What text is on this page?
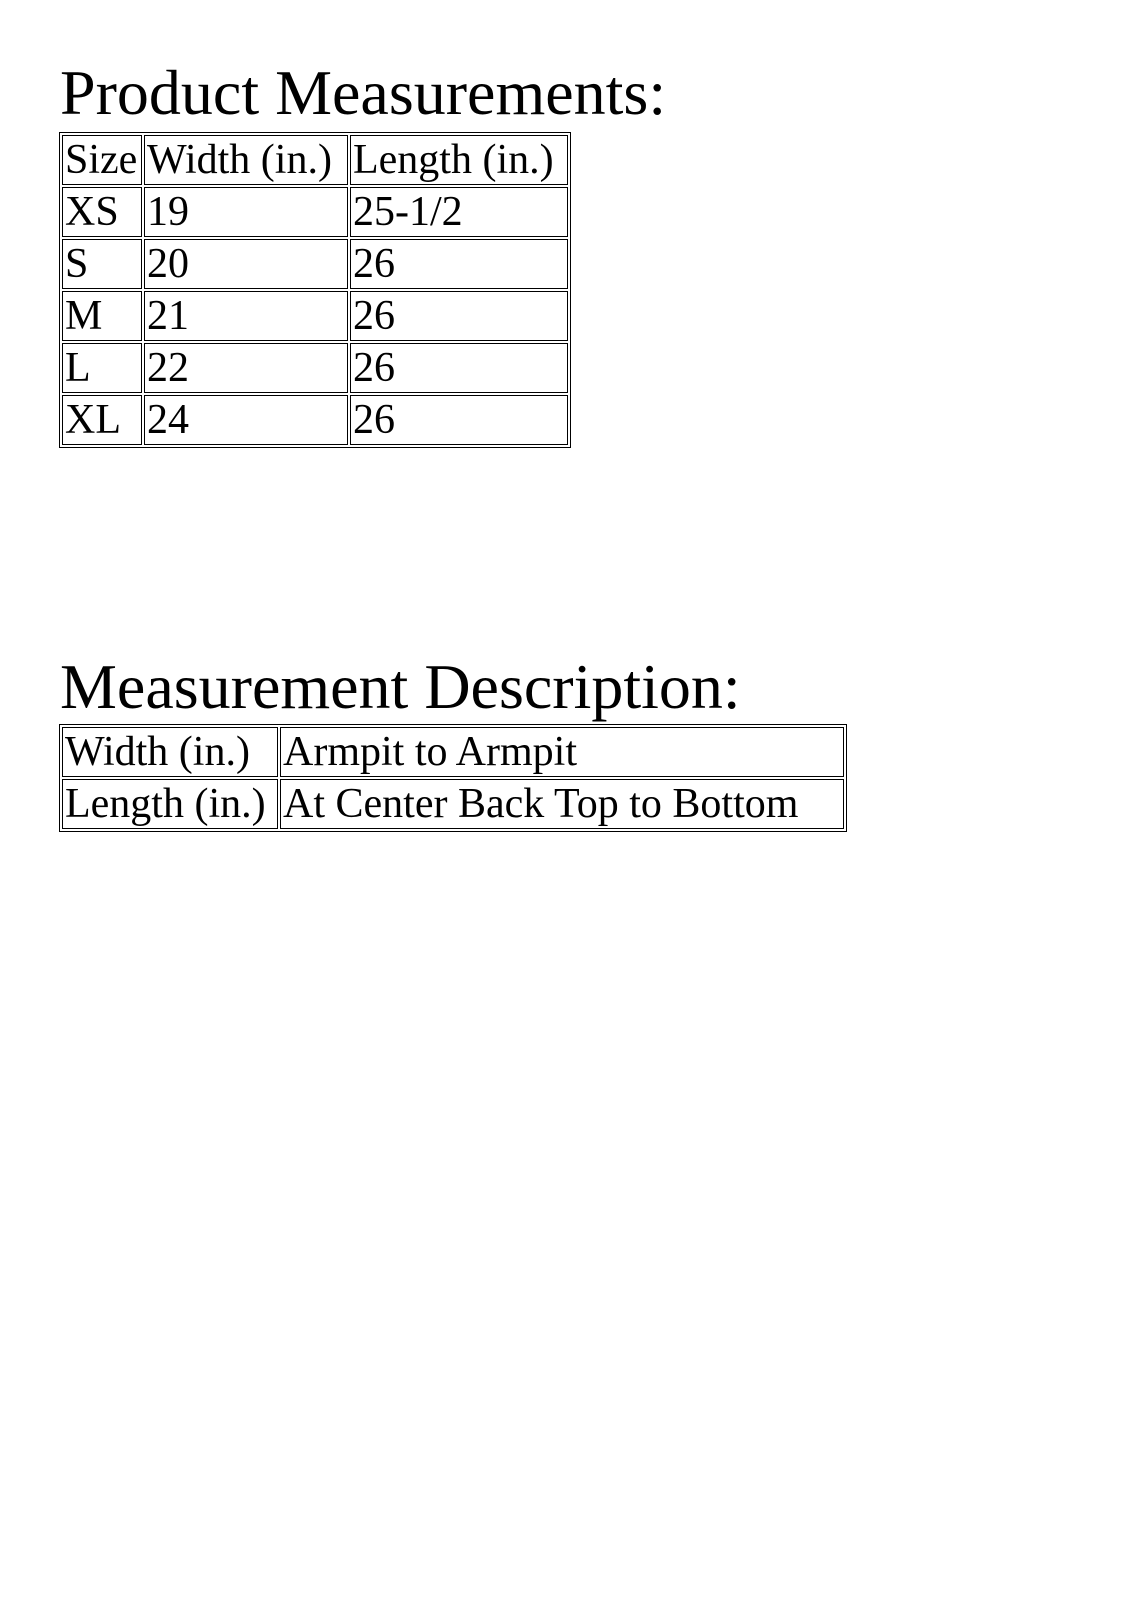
Product Measurements:
Size	Width (in.)	Length (in.)
XS	19	25-1/2
S	20	26
M	21	26
L	22	26
XL	24	26
Measurement Description:
Width (in.)	Armpit to Armpit
Length (in.)	At Center Back Top to Bottom
